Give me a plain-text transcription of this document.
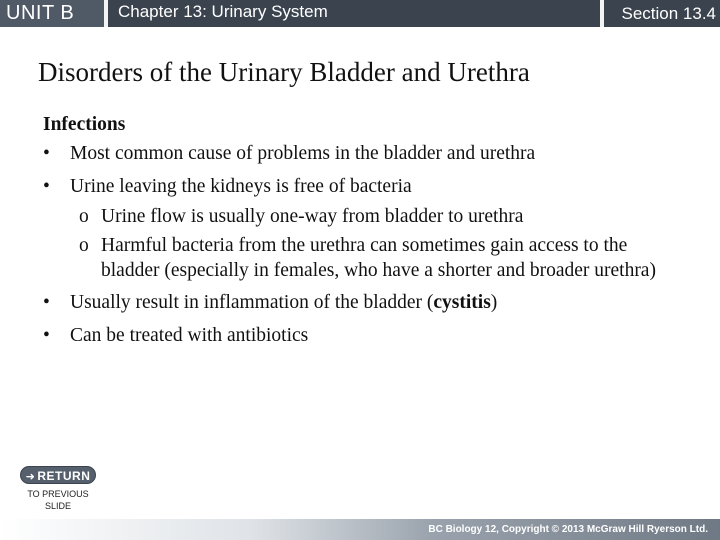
UNIT B	Chapter 13: Urinary System	Section 13.4
Disorders of the Urinary Bladder and Urethra
Infections
•	Most common cause of problems in the bladder and urethra
•	Urine leaving the kidneys is free of bacteria
o Urine flow is usually one-way from bladder to urethra
o Harmful bacteria from the urethra can sometimes gain access to the bladder (especially in females, who have a shorter and broader urethra)
•	Usually result in inflammation of the bladder (cystitis)
•	Can be treated with antibiotics
➜ RETURN
TO PREVIOUS
SLIDE
BC Biology 12, Copyright © 2013 McGraw Hill Ryerson Ltd.
